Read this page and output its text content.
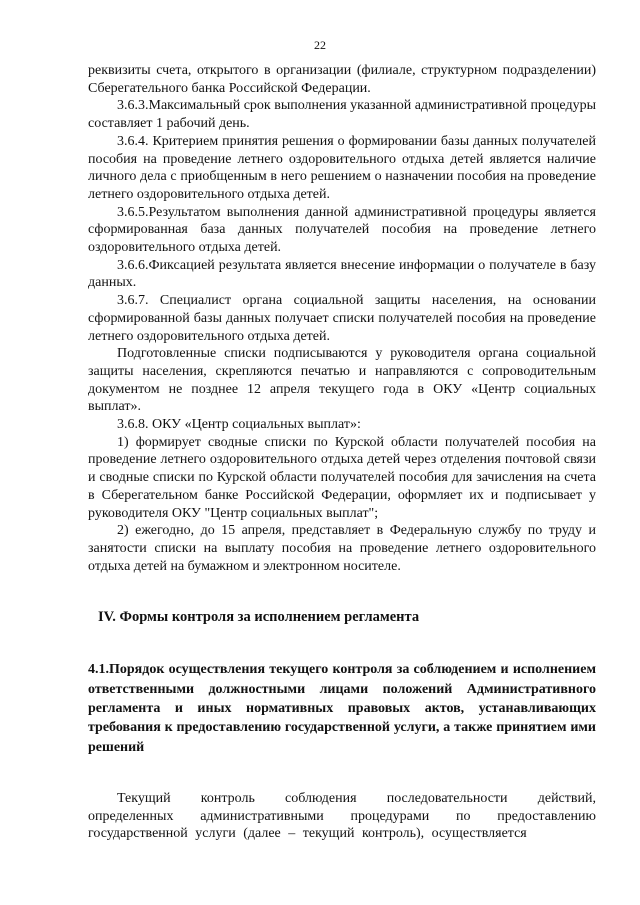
22

реквизиты счета, открытого в организации (филиале, структурном подразделении) Сберегательного банка Российской Федерации.

3.6.3.Максимальный срок выполнения указанной административной процедуры составляет 1 рабочий день.

3.6.4. Критерием принятия решения о формировании базы данных получателей пособия на проведение летнего оздоровительного отдыха детей является наличие личного дела с приобщенным в него решением о назначении пособия на проведение летнего оздоровительного отдыха детей.

3.6.5.Результатом выполнения данной административной процедуры является сформированная база данных получателей пособия на проведение летнего оздоровительного отдыха детей.

3.6.6.Фиксацией результата является внесение информации о получателе в базу данных.

3.6.7. Специалист органа социальной защиты населения, на основании сформированной базы данных получает списки получателей пособия на проведение летнего оздоровительного отдыха детей.

Подготовленные списки подписываются у руководителя органа социальной защиты населения, скрепляются печатью и направляются с сопроводительным документом не позднее 12 апреля текущего года в ОКУ «Центр социальных выплат».

3.6.8. ОКУ «Центр социальных выплат»:

1) формирует сводные списки по Курской области получателей пособия на проведение летнего оздоровительного отдыха детей через отделения почтовой связи и сводные списки по Курской области получателей пособия для зачисления на счета в Сберегательном банке Российской Федерации, оформляет их и подписывает у руководителя ОКУ "Центр социальных выплат";

2) ежегодно, до 15 апреля, представляет в Федеральную службу по труду и занятости списки на выплату пособия на проведение летнего оздоровительного отдыха детей на бумажном и электронном носителе.

IV. Формы контроля за исполнением регламента

4.1.Порядок осуществления текущего контроля за соблюдением и исполнением ответственными должностными лицами положений Административного регламента и иных нормативных правовых актов, устанавливающих требования к предоставлению государственной услуги, а также принятием ими решений

Текущий контроль соблюдения последовательности действий, определенных административными процедурами по предоставлению государственной услуги (далее – текущий контроль), осуществляется
